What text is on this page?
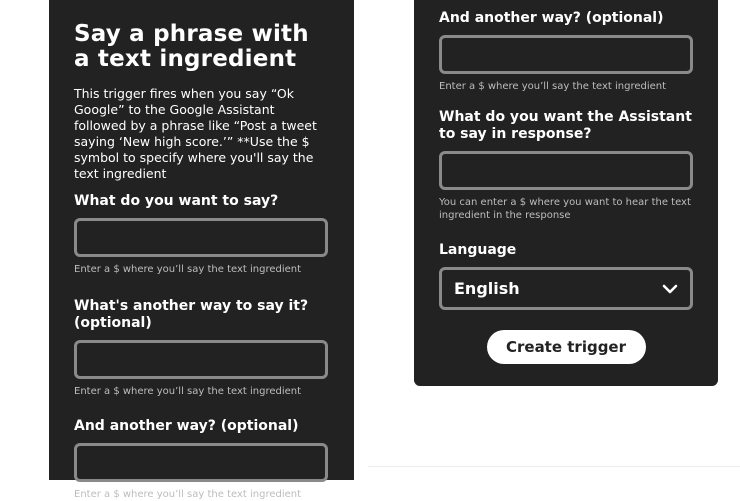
Say a phrase with a text ingredient

This trigger fires when you say “Ok Google” to the Google Assistant followed by a phrase like “Post a tweet saying ‘New high score.’” **Use the $ symbol to specify where you'll say the text ingredient

What do you want to say?
Enter a $ where you’ll say the text ingredient
What's another way to say it? (optional)
Enter a $ where you’ll say the text ingredient
And another way? (optional)
Enter a $ where you’ll say the text ingredient
And another way? (optional)
Enter a $ where you’ll say the text ingredient
What do you want the Assistant to say in response?
You can enter a $ where you want to hear the text ingredient in the response
Language
English
Create trigger
